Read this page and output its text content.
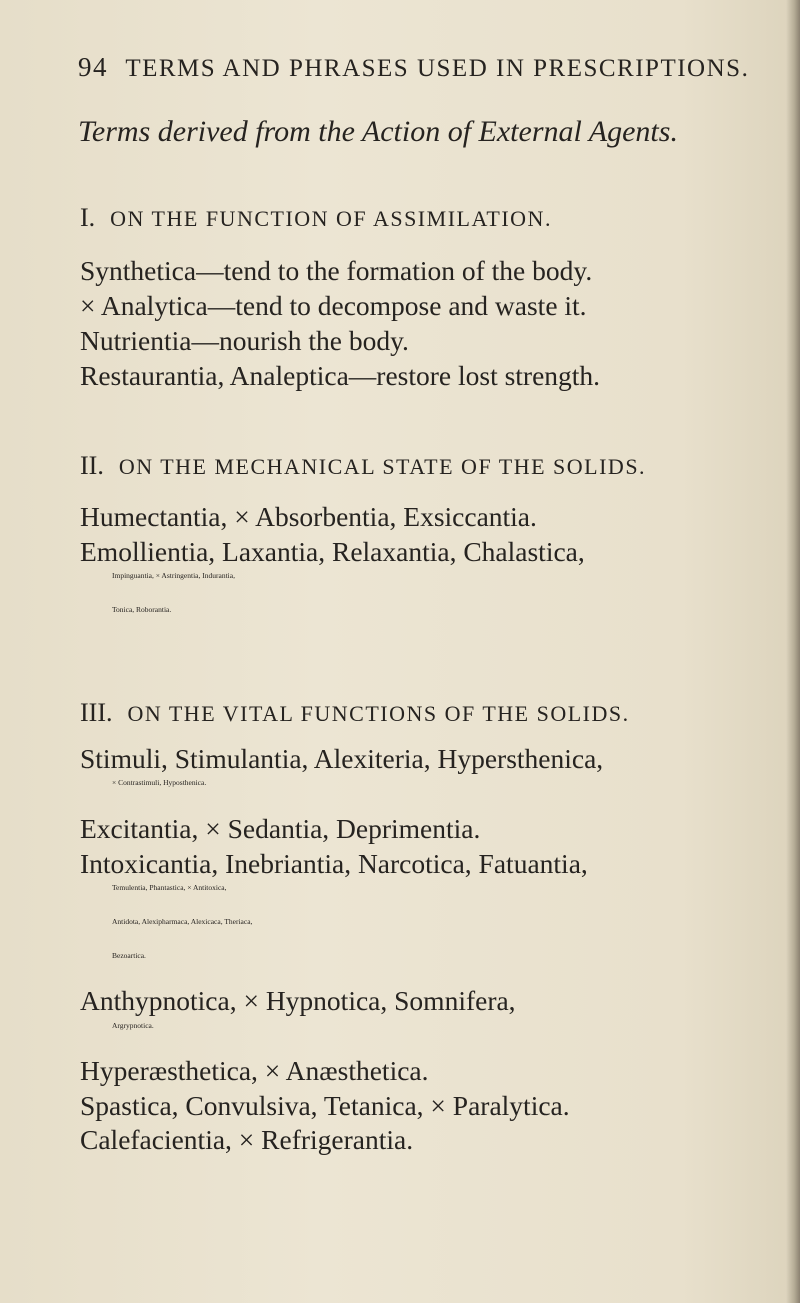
94 TERMS AND PHRASES USED IN PRESCRIPTIONS.
Terms derived from the Action of External Agents.
I. ON THE FUNCTION OF ASSIMILATION.
Synthetica—tend to the formation of the body.
× Analytica—tend to decompose and waste it.
Nutrientia—nourish the body.
Restaurantia, Analeptica—restore lost strength.
II. ON THE MECHANICAL STATE OF THE SOLIDS.
Humectantia, × Absorbentia, Exsiccantia.
Emollientia, Laxantia, Relaxantia, Chalastica,
Impinguantia, × Astringentia, Indurantia,
Tonica, Roborantia.
III. ON THE VITAL FUNCTIONS OF THE SOLIDS.
Stimuli, Stimulantia, Alexiteria, Hypersthenica,
× Contrastimuli, Hyposthenica.
Excitantia, × Sedantia, Deprimentia.
Intoxicantia, Inebriantia, Narcotica, Fatuantia,
Temulentia, Phantastica, × Antitoxica,
Antidota, Alexipharmaca, Alexicaca, Theriaca,
Bezoartica.
Anthypnotica, × Hypnotica, Somnifera,
Argrypnotica.
Hyperæsthetica, × Anæsthetica.
Spastica, Convulsiva, Tetanica, × Paralytica.
Calefacientia, × Refrigerantia.
